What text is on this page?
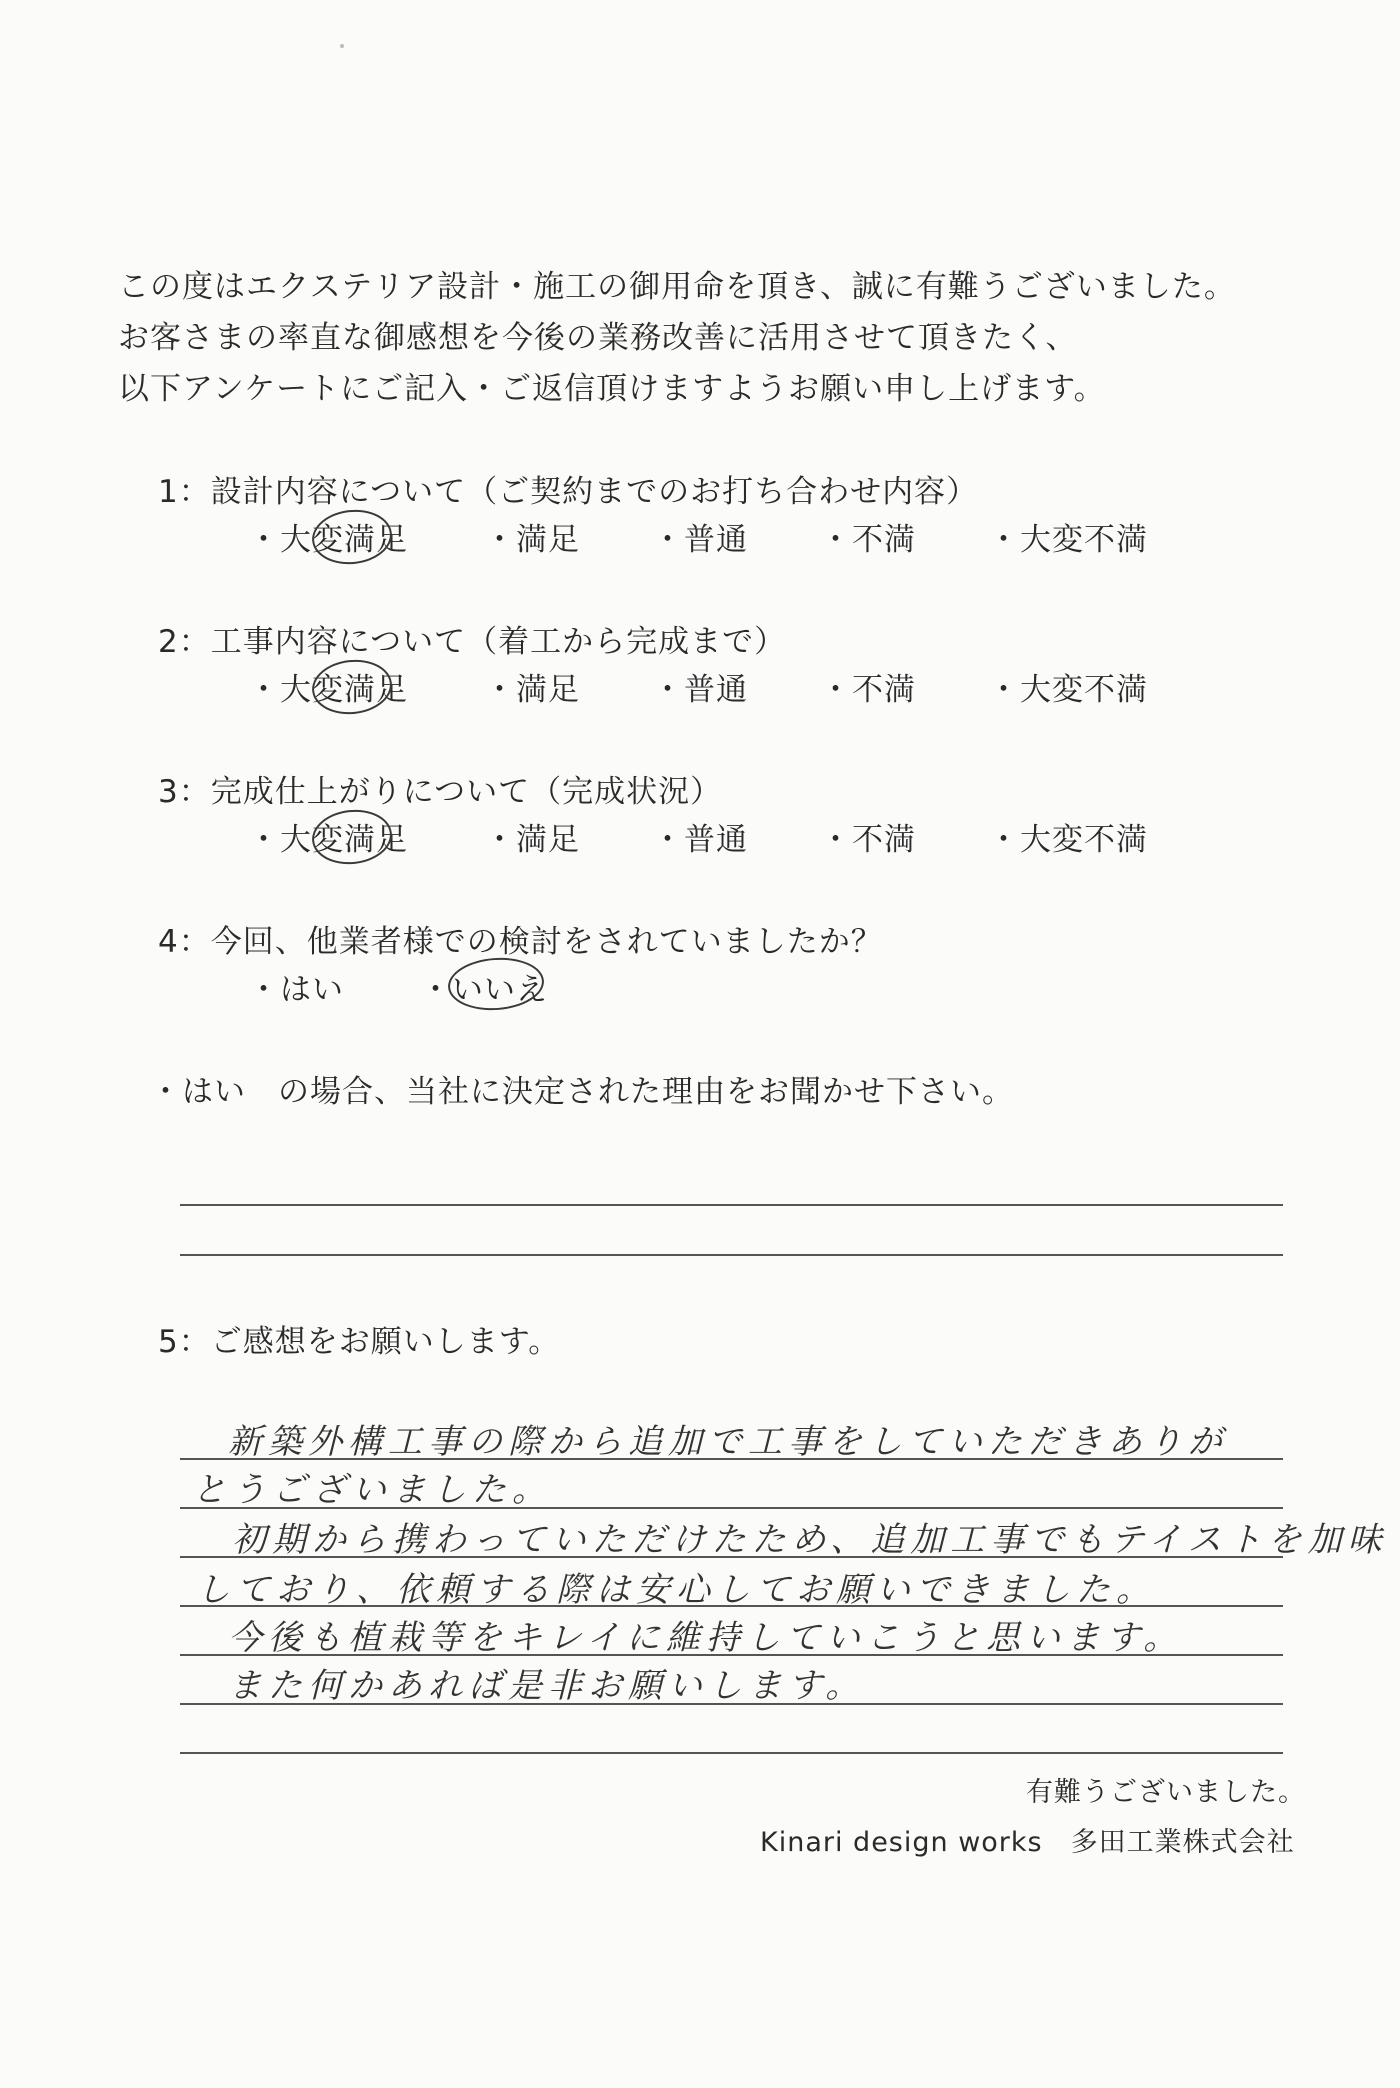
この度はエクステリア設計・施工の御用命を頂き、誠に有難うございました。
お客さまの率直な御感想を今後の業務改善に活用させて頂きたく、
以下アンケートにご記入・ご返信頂けますようお願い申し上げます。
1：設計内容について（ご契約までのお打ち合わせ内容）
・大変満足 ・満足 ・普通 ・不満 ・大変不満
2：工事内容について（着工から完成まで）
・大変満足 ・満足 ・普通 ・不満 ・大変不満
3：完成仕上がりについて（完成状況）
・大変満足 ・満足 ・普通 ・不満 ・大変不満
4：今回、他業者様での検討をされていましたか？
・はい ・いいえ
・はい　の場合、当社に決定された理由をお聞かせ下さい。
5：ご感想をお願いします。
新築外構工事の際から追加で工事をしていただきありが
とうございました。
初期から携わっていただけたため、追加工事でもテイストを加味
しており、依頼する際は安心してお願いできました。
今後も植栽等をキレイに維持していこうと思います。
また何かあれば是非お願いします。
有難うございました。
Kinari design works　多田工業株式会社
